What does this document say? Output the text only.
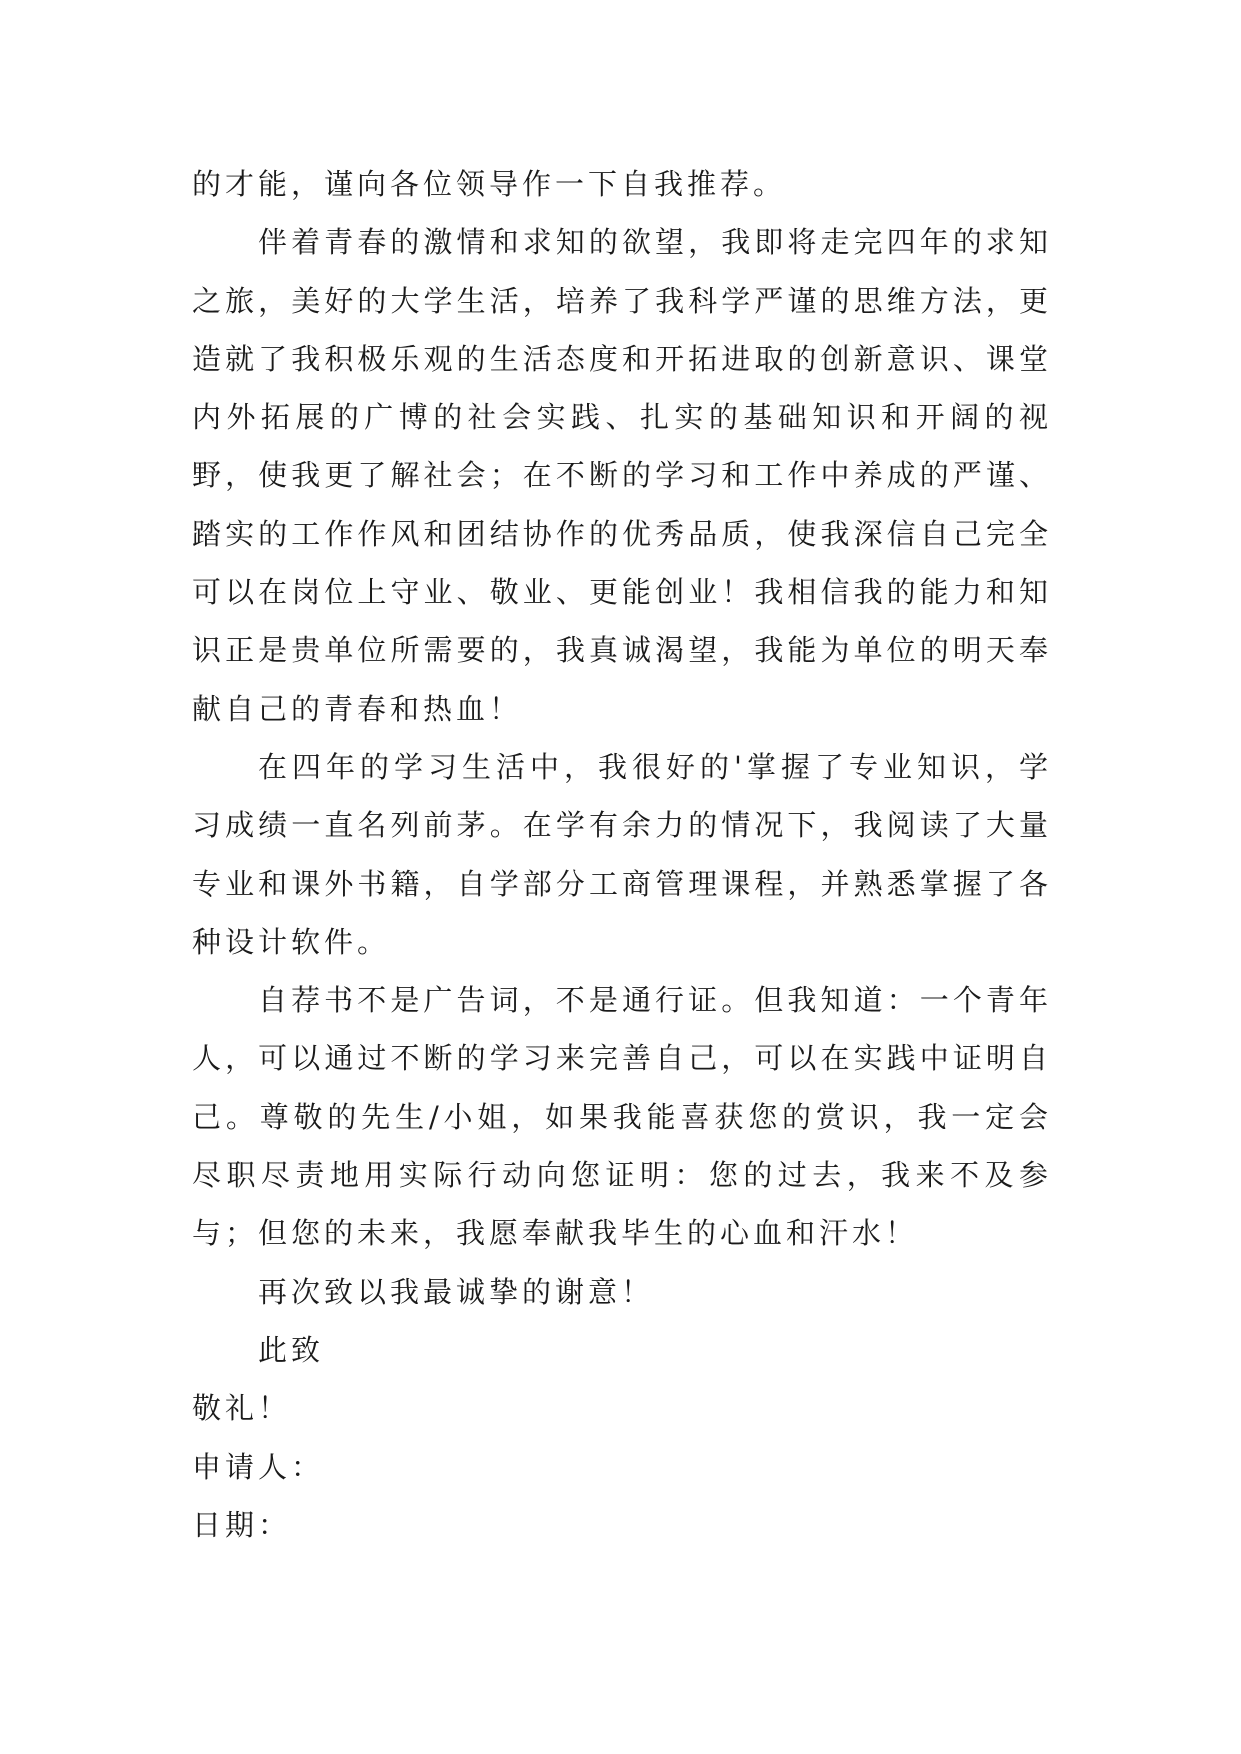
的才能，谨向各位领导作一下自我推荐。

伴着青春的激情和求知的欲望，我即将走完四年的求知之旅，美好的大学生活，培养了我科学严谨的思维方法，更造就了我积极乐观的生活态度和开拓进取的创新意识、课堂内外拓展的广博的社会实践、扎实的基础知识和开阔的视野，使我更了解社会；在不断的学习和工作中养成的严谨、踏实的工作作风和团结协作的优秀品质，使我深信自己完全可以在岗位上守业、敬业、更能创业！我相信我的能力和知识正是贵单位所需要的，我真诚渴望，我能为单位的明天奉献自己的青春和热血！

在四年的学习生活中，我很好的'掌握了专业知识，学习成绩一直名列前茅。在学有余力的情况下，我阅读了大量专业和课外书籍，自学部分工商管理课程，并熟悉掌握了各种设计软件。

自荐书不是广告词，不是通行证。但我知道：一个青年人，可以通过不断的学习来完善自己，可以在实践中证明自己。尊敬的先生/小姐，如果我能喜获您的赏识，我一定会尽职尽责地用实际行动向您证明：您的过去，我来不及参与；但您的未来，我愿奉献我毕生的心血和汗水！

再次致以我最诚挚的谢意！

此致

敬礼！

申请人：

日期：
